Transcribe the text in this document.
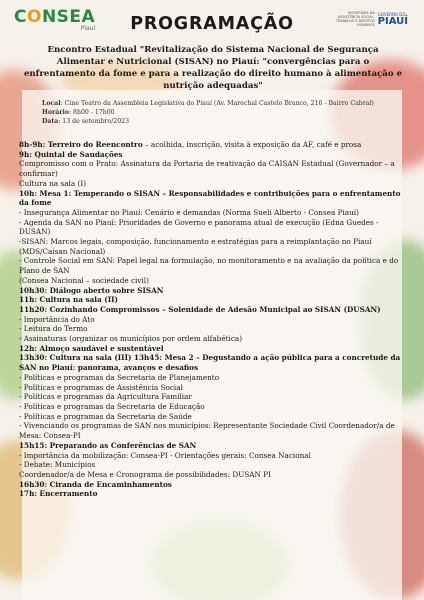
CONSEA
Piauí	PROGRAMAÇÃO
SECRETARIA DA
ASSISTÊNCIA SOCIAL,
TRABALHO E DIREITOS
HUMANOS
GOVERNO DO
PIAUÍ
Encontro Estadual "Revitalização do Sistema Nacional de Segurança Alimentar e Nutricional (SISAN) no Piauí: "convergências para o enfrentamento da fome e para a realização do direito humano à alimentação e nutrição adequadas"
Local: Cine Teatro da Assembleia Legislativa do Piauí (Av. Marechal Castelo Branco, 216 - Bairro Cabral)
Horário: 8h00 - 17h00
Data: 13 de setembro/2023
8h-9h: Terreiro do Reencontro – acolhida, inscrição, visita à exposição da AF, café e prosa
9h: Quintal de Saudações
Compromisso com o Prato: Assinatura da Portaria de reativação da CAISAN Estadual (Governador – a confirmar)
Cultura na sala (I)
10h: Mesa 1: Temperando o SISAN – Responsabilidades e contribuições para o enfrentamento da fome
- Insegurança Alimentar no Piauí: Cenário e demandas (Norma Sueli Alberto - Consea Piauí)
- Agenda da SAN no Piauí: Prioridades de Governo e panorama atual de execução (Edna Guedes - DUSAN)
-SISAN: Marcos legais, composição, funcionamento e estratégias para a reimplantação no Piauí (MDS/Caisan Nacional)
- Controle Social em SAN: Papel legal na formulação, no monitoramento e na avaliação da política e do Plano de SAN
(Consea Nacional – sociedade civil)
10h30: Diálogo aberto sobre SISAN
11h: Cultura na sala (II)
11h20: Cozinhando Compromissos – Solenidade de Adesão Municipal ao SISAN (DUSAN)
- Importância do Ato
- Leitura do Termo
- Assinaturas (organizar os municípios por ordem alfabética)
12h: Almoço saudável e sustentável
13h30: Cultura na sala (III) 13h45: Mesa 2 – Degustando a ação pública para a concretude da SAN no Piauí: panorama, avanços e desafios
- Políticas e programas da Secretaria de Planejamento
- Políticas e programas de Assistência Social
- Políticas e programas da Agricultura Familiar
- Políticas e programas da Secretaria de Educação
- Políticas e programas da Secretaria de Saúde
- Vivenciando os programas de SAN nos municípios: Representante Sociedade Civil Coordenador/a de Mesa: Consea-PI
15h15: Preparando as Conferências de SAN
- Importância da mobilização: Consea-PI - Orientações gerais: Consea Nacional
- Debate: Municípios
Coordenador/a de Mesa e Cronograma de possibilidades: DUSAN PI
16h30: Ciranda de Encaminhamentos
17h: Encerramento
